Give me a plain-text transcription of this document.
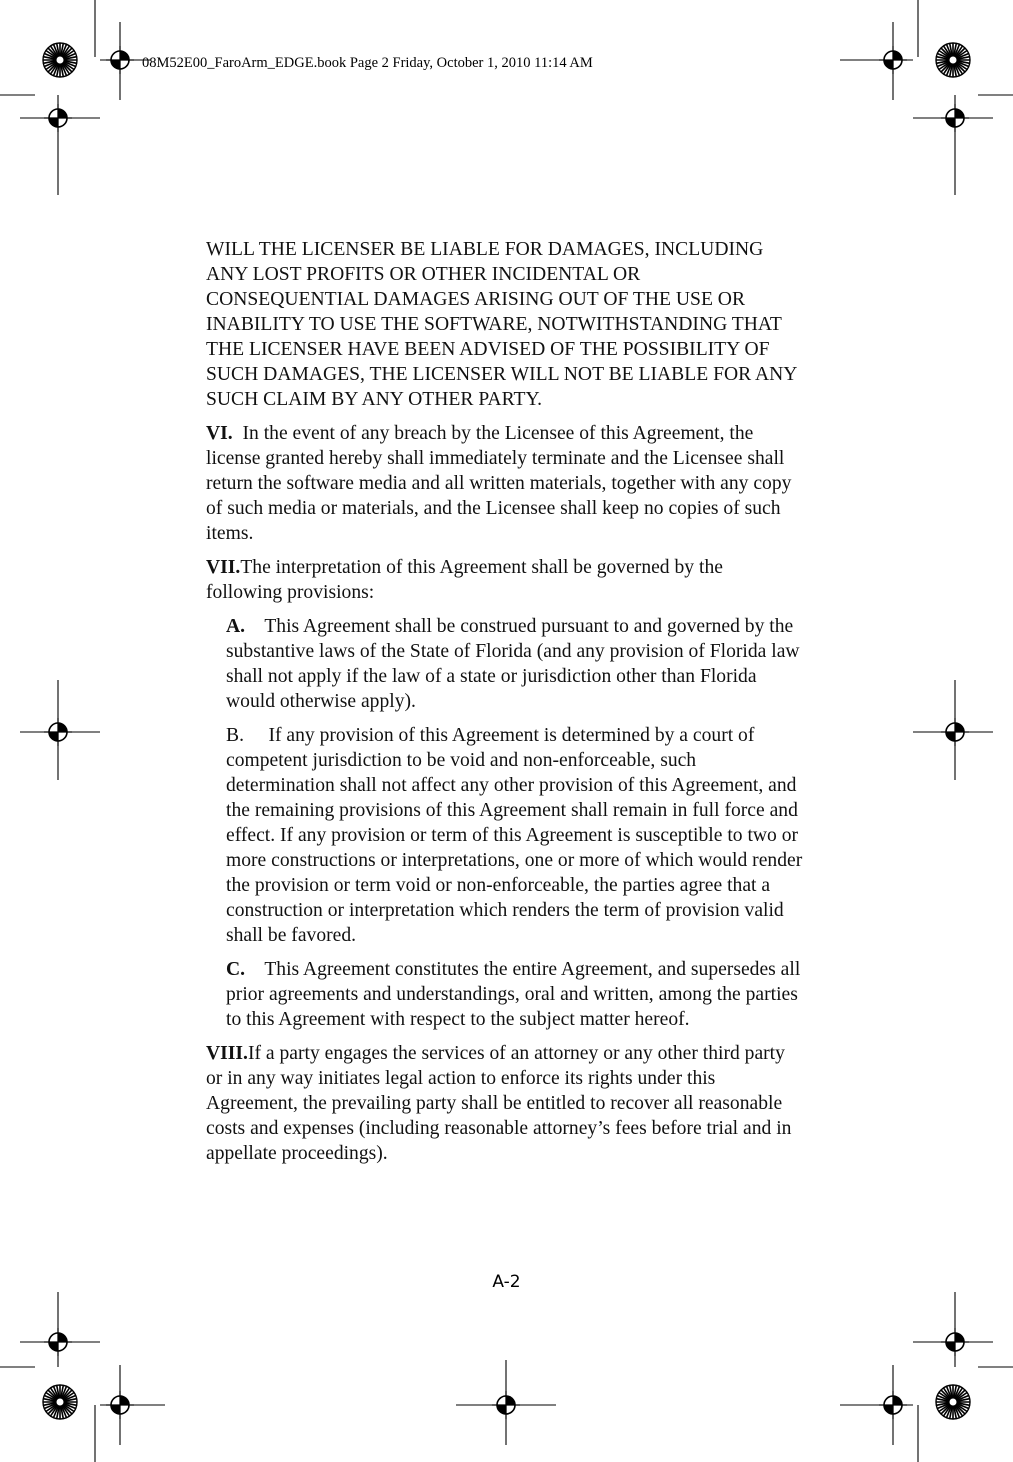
08M52E00_FaroArm_EDGE.book Page 2 Friday, October 1, 2010 11:14 AM

WILL THE LICENSER BE LIABLE FOR DAMAGES, INCLUDING ANY LOST PROFITS OR OTHER INCIDENTAL OR CONSEQUENTIAL DAMAGES ARISING OUT OF THE USE OR INABILITY TO USE THE SOFTWARE, NOTWITHSTANDING THAT THE LICENSER HAVE BEEN ADVISED OF THE POSSIBILITY OF SUCH DAMAGES, THE LICENSER WILL NOT BE LIABLE FOR ANY SUCH CLAIM BY ANY OTHER PARTY.

VI. In the event of any breach by the Licensee of this Agreement, the license granted hereby shall immediately terminate and the Licensee shall return the software media and all written materials, together with any copy of such media or materials, and the Licensee shall keep no copies of such items.

VII.The interpretation of this Agreement shall be governed by the following provisions:

A. This Agreement shall be construed pursuant to and governed by the substantive laws of the State of Florida (and any provision of Florida law shall not apply if the law of a state or jurisdiction other than Florida would otherwise apply).

B. If any provision of this Agreement is determined by a court of competent jurisdiction to be void and non-enforceable, such determination shall not affect any other provision of this Agreement, and the remaining provisions of this Agreement shall remain in full force and effect. If any provision or term of this Agreement is susceptible to two or more constructions or interpretations, one or more of which would render the provision or term void or non-enforceable, the parties agree that a construction or interpretation which renders the term of provision valid shall be favored.

C. This Agreement constitutes the entire Agreement, and supersedes all prior agreements and understandings, oral and written, among the parties to this Agreement with respect to the subject matter hereof.

VIII.If a party engages the services of an attorney or any other third party or in any way initiates legal action to enforce its rights under this Agreement, the prevailing party shall be entitled to recover all reasonable costs and expenses (including reasonable attorney’s fees before trial and in appellate proceedings).

A-2
